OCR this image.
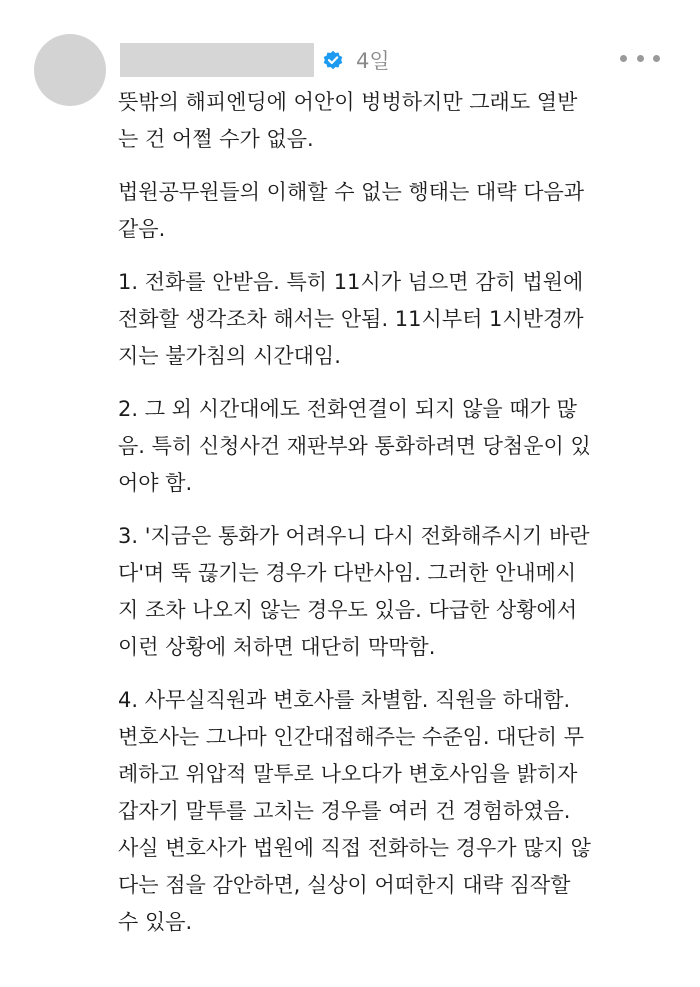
4일

뜻밖의 해피엔딩에 어안이 벙벙하지만 그래도 열받
는 건 어쩔 수가 없음.

법원공무원들의 이해할 수 없는 행태는 대략 다음과
같음.

1. 전화를 안받음. 특히 11시가 넘으면 감히 법원에
전화할 생각조차 해서는 안됨. 11시부터 1시반경까
지는 불가침의 시간대임.

2. 그 외 시간대에도 전화연결이 되지 않을 때가 많
음. 특히 신청사건 재판부와 통화하려면 당첨운이 있
어야 함.

3. '지금은 통화가 어려우니 다시 전화해주시기 바란
다'며 뚝 끊기는 경우가 다반사임. 그러한 안내메시
지 조차 나오지 않는 경우도 있음. 다급한 상황에서
이런 상황에 처하면 대단히 막막함.

4. 사무실직원과 변호사를 차별함. 직원을 하대함.
변호사는 그나마 인간대접해주는 수준임. 대단히 무
례하고 위압적 말투로 나오다가 변호사임을 밝히자
갑자기 말투를 고치는 경우를 여러 건 경험하였음.
사실 변호사가 법원에 직접 전화하는 경우가 많지 않
다는 점을 감안하면, 실상이 어떠한지 대략 짐작할
수 있음.
